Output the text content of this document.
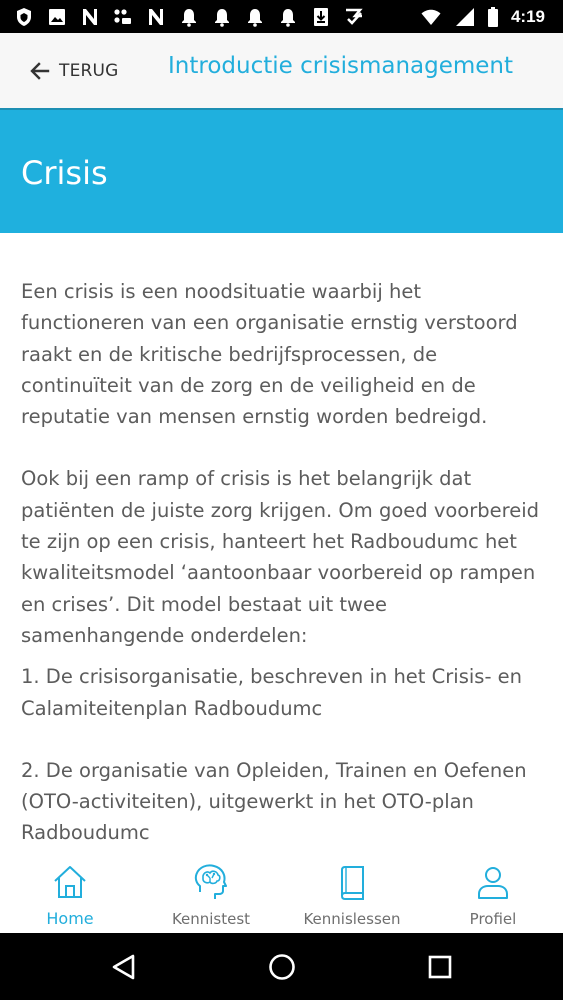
4:19
TERUG Introductie crisismanagement
Crisis

Een crisis is een noodsituatie waarbij het functioneren van een organisatie ernstig verstoord raakt en de kritische bedrijfsprocessen, de continuïteit van de zorg en de veiligheid en de reputatie van mensen ernstig worden bedreigd.

Ook bij een ramp of crisis is het belangrijk dat patiënten de juiste zorg krijgen. Om goed voorbereid te zijn op een crisis, hanteert het Radboudumc het kwaliteitsmodel ‘aantoonbaar voorbereid op rampen en crises’. Dit model bestaat uit twee samenhangende onderdelen:

1. De crisisorganisatie, beschreven in het Crisis- en Calamiteitenplan Radboudumc

2. De organisatie van Opleiden, Trainen en Oefenen (OTO-activiteiten), uitgewerkt in het OTO-plan Radboudumc

Home	Kennistest	Kennislessen	Profiel
